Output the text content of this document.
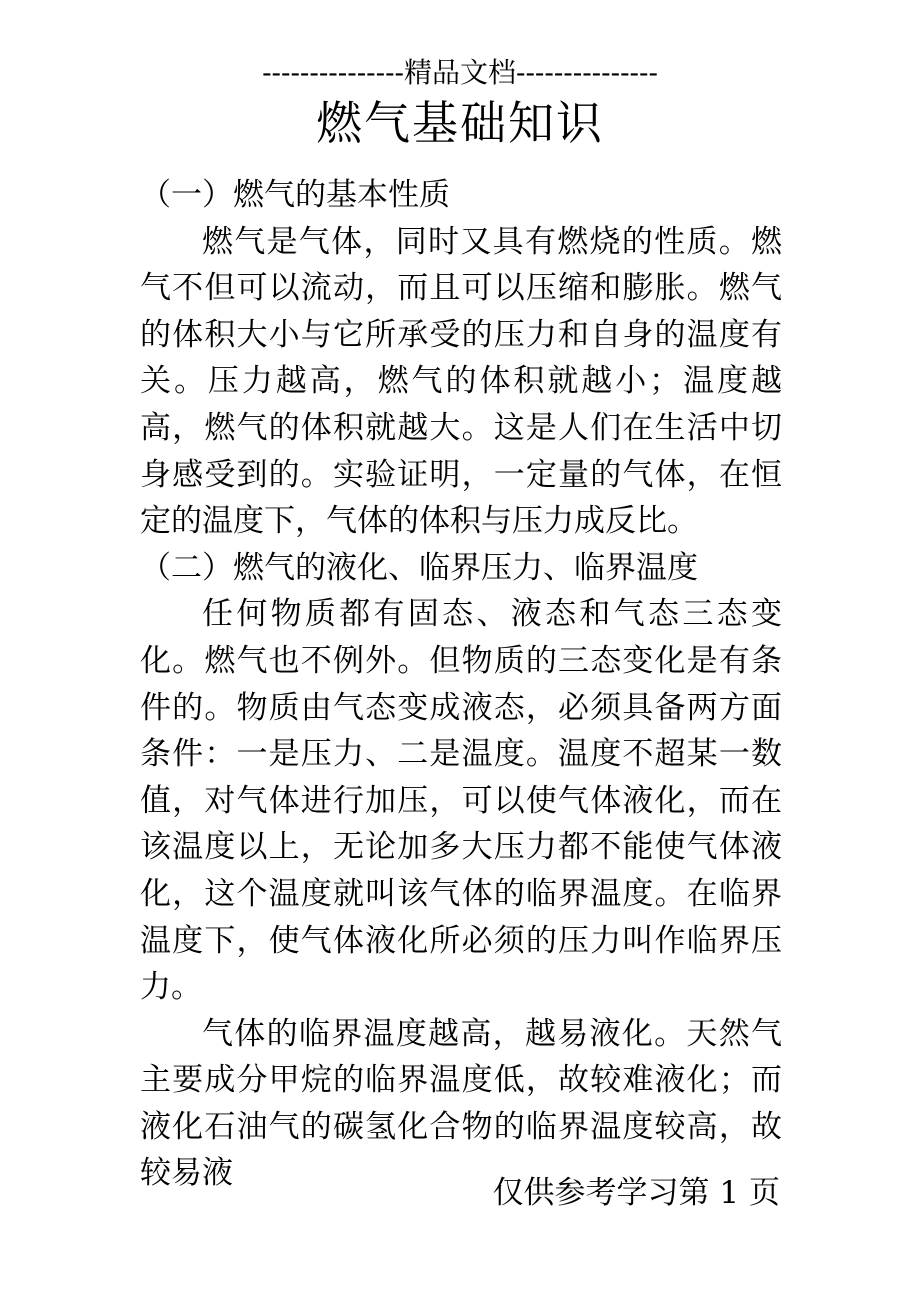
---------------精品文档---------------
燃气基础知识

（一）燃气的基本性质

燃气是气体，同时又具有燃烧的性质。燃气不但可以流动，而且可以压缩和膨胀。燃气的体积大小与它所承受的压力和自身的温度有关。压力越高，燃气的体积就越小；温度越高，燃气的体积就越大。这是人们在生活中切身感受到的。实验证明，一定量的气体，在恒定的温度下，气体的体积与压力成反比。

（二）燃气的液化、临界压力、临界温度

任何物质都有固态、液态和气态三态变化。燃气也不例外。但物质的三态变化是有条件的。物质由气态变成液态，必须具备两方面条件：一是压力、二是温度。温度不超某一数值，对气体进行加压，可以使气体液化，而在该温度以上，无论加多大压力都不能使气体液化，这个温度就叫该气体的临界温度。在临界温度下，使气体液化所必须的压力叫作临界压力。

气体的临界温度越高，越易液化。天然气主要成分甲烷的临界温度低，故较难液化；而液化石油气的碳氢化合物的临界温度较高，故较易液

仅供参考学习第 1 页
